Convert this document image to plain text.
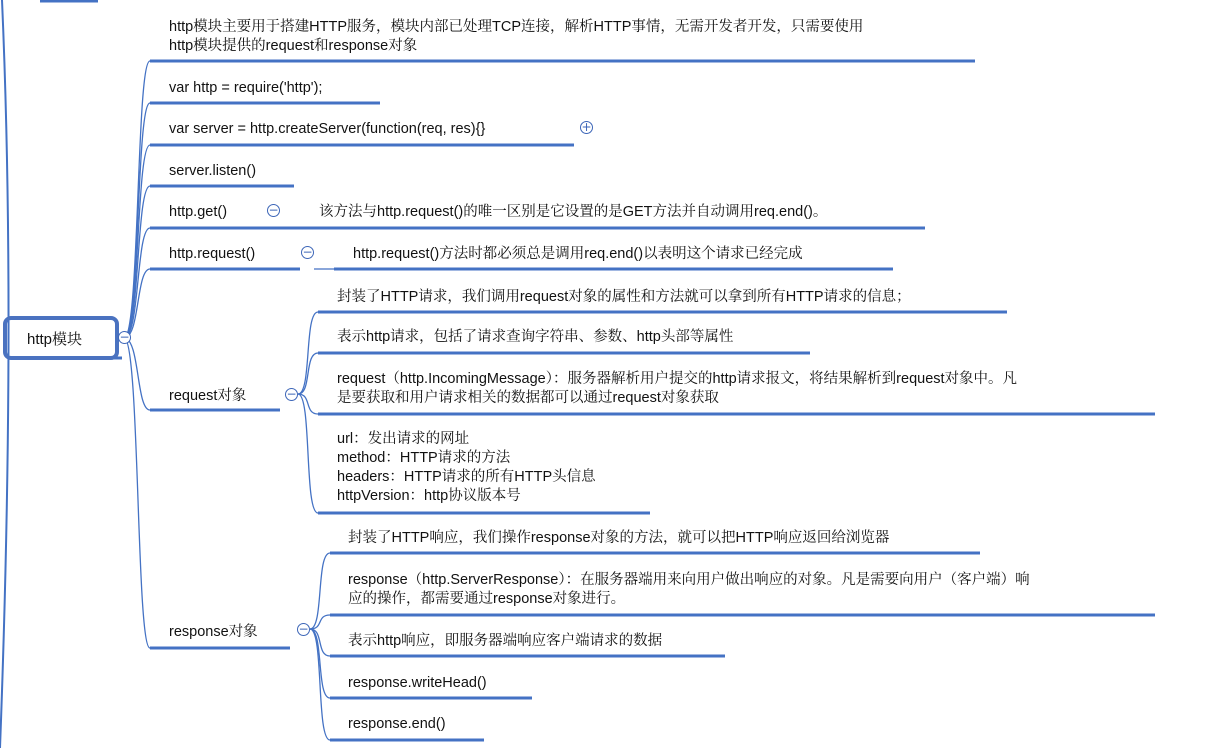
http模块	−
http模块主要用于搭建HTTP服务，模块内部已处理TCP连接，解析HTTP事情，无需开发者开发，只需要使用
http模块提供的request和response对象
var http = require('http');
var server = http.createServer(function(req, res){}	+
server.listen()
http.get()	−	该方法与http.request()的唯一区别是它设置的是GET方法并自动调用req.end()。
http.request()	−	http.request()方法时都必须总是调用req.end()以表明这个请求已经完成
request对象	−
封装了HTTP请求，我们调用request对象的属性和方法就可以拿到所有HTTP请求的信息；
表示http请求，包括了请求查询字符串、参数、http头部等属性
request（http.IncomingMessage）：服务器解析用户提交的http请求报文，将结果解析到request对象中。凡
是要获取和用户请求相关的数据都可以通过request对象获取
url：发出请求的网址
method：HTTP请求的方法
headers：HTTP请求的所有HTTP头信息
httpVersion：http协议版本号
response对象	−
封装了HTTP响应，我们操作response对象的方法，就可以把HTTP响应返回给浏览器
response（http.ServerResponse）：在服务器端用来向用户做出响应的对象。凡是需要向用户（客户端）响
应的操作，都需要通过response对象进行。
表示http响应，即服务器端响应客户端请求的数据
response.writeHead()
response.end()
